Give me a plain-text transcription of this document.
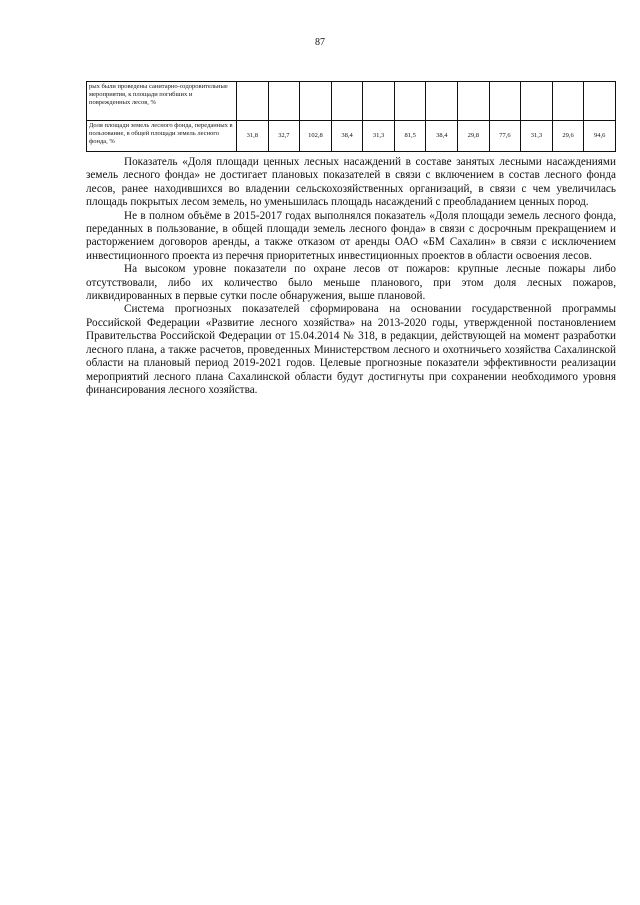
87
рых были проведены санитарно-оздоровительные мероприятия, к площади погибших и поврежденных лесов, %												
Доля площади земель лесного фонда, переданных в пользование, в общей площади земель лесного фонда, %	31,8	32,7	102,8	38,4	31,3	81,5	38,4	29,8	77,6	31,3	29,6	94,6

Показатель «Доля площади ценных лесных насаждений в составе занятых лесными насаждениями земель лесного фонда» не достигает плановых показателей в связи с включением в состав лесного фонда лесов, ранее находившихся во владении сельскохозяйственных организаций, в связи с чем увеличилась площадь покрытых лесом земель, но уменьшилась площадь насаждений с преобладанием ценных пород.

Не в полном объёме в 2015-2017 годах выполнялся показатель «Доля площади земель лесного фонда, переданных в пользование, в общей площади земель лесного фонда» в связи с досрочным прекращением и расторжением договоров аренды, а также отказом от аренды ОАО «БМ Сахалин» в связи с исключением инвестиционного проекта из перечня приоритетных инвестиционных проектов в области освоения лесов.

На высоком уровне показатели по охране лесов от пожаров: крупные лесные пожары либо отсутствовали, либо их количество было меньше планового, при этом доля лесных пожаров, ликвидированных в первые сутки после обнаружения, выше плановой.

Система прогнозных показателей сформирована на основании государственной программы Российской Федерации «Развитие лесного хозяйства» на 2013-2020 годы, утвержденной постановлением Правительства Российской Федерации от 15.04.2014 № 318, в редакции, действующей на момент разработки лесного плана, а также расчетов, проведенных Министерством лесного и охотничьего хозяйства Сахалинской области на плановый период 2019-2021 годов. Целевые прогнозные показатели эффективности реализации мероприятий лесного плана Сахалинской области будут достигнуты при сохранении необходимого уровня финансирования лесного хозяйства.
